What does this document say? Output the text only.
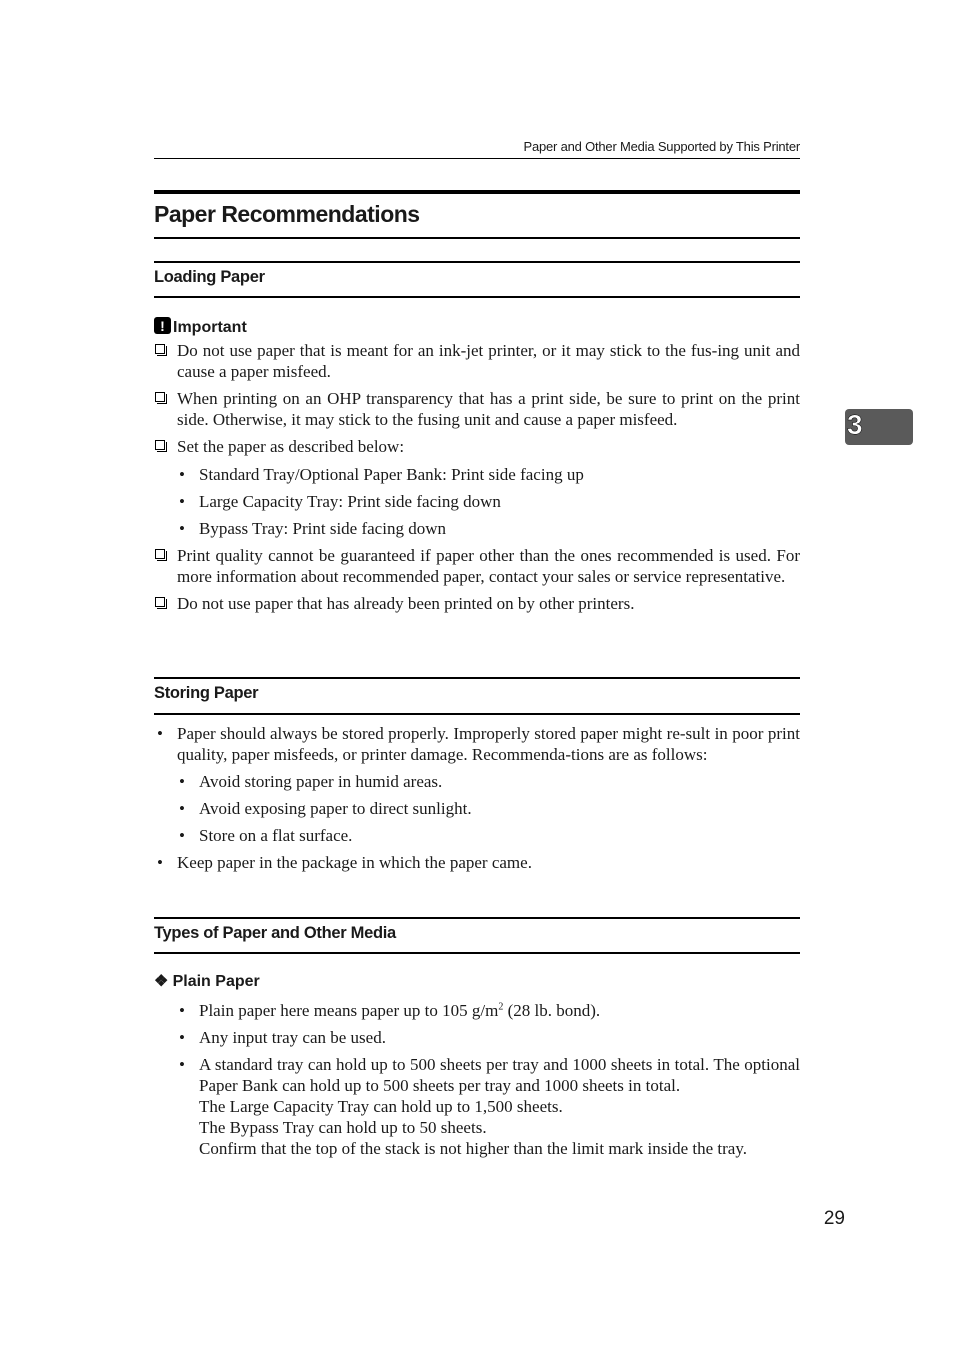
Paper and Other Media Supported by This Printer
3
Paper Recommendations
Loading Paper
!Important
Do not use paper that is meant for an ink-jet printer, or it may stick to the fus-ing unit and cause a paper misfeed.
When printing on an OHP transparency that has a print side, be sure to print on the print side. Otherwise, it may stick to the fusing unit and cause a paper misfeed.
Set the paper as described below:
• Standard Tray/Optional Paper Bank: Print side facing up
• Large Capacity Tray: Print side facing down
• Bypass Tray: Print side facing down
Print quality cannot be guaranteed if paper other than the ones recommended is used. For more information about recommended paper, contact your sales or service representative.
Do not use paper that has already been printed on by other printers.
Storing Paper
• Paper should always be stored properly. Improperly stored paper might re-sult in poor print quality, paper misfeeds, or printer damage. Recommenda-tions are as follows:
• Avoid storing paper in humid areas.
• Avoid exposing paper to direct sunlight.
• Store on a flat surface.
• Keep paper in the package in which the paper came.
Types of Paper and Other Media
❖ Plain Paper
• Plain paper here means paper up to 105 $g/m^2$ (28 lb. bond).
• Any input tray can be used.
• A standard tray can hold up to 500 sheets per tray and 1000 sheets in total. The optional Paper Bank can hold up to 500 sheets per tray and 1000 sheets in total.
The Large Capacity Tray can hold up to 1,500 sheets.
The Bypass Tray can hold up to 50 sheets.
Confirm that the top of the stack is not higher than the limit mark inside the tray.
29
